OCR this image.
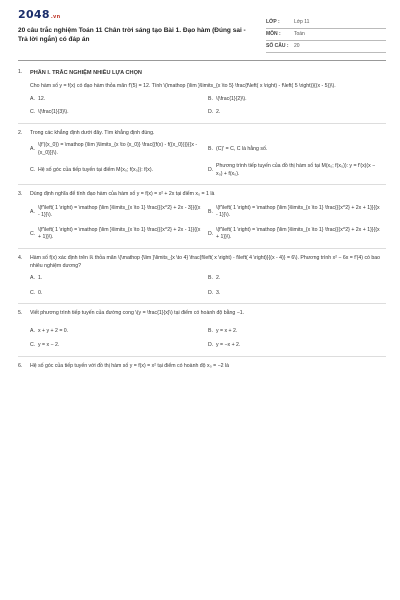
2048.vn
20 câu trắc nghiệm Toán 11 Chân trời sáng tạo Bài 1. Đạo hàm (Đúng sai - Trả lời ngắn) có đáp án
LỚP :	Lớp 11
MÔN :	Toán
SỐ CÂU :	20
1.	PHẦN I. TRẮC NGHIỆM NHIỀU LỰA CHỌN
Cho hàm số y = f(x) có đạo hàm thỏa mãn f'(5) = 12. Tính \(\mathop {\lim }\limits_{x \to 5} \frac{f\left( x \right) - f\left( 5 \right)}{(x - 5)}\).
A. 12.	B. \(\frac{1}{2}\).
C. \(\frac{1}{3}\).	D. 2.
2.	Trong các khẳng định dưới đây. Tìm khẳng định đúng.
A.
\(f'((x_0}) = \mathop {\lim }\limits_{x \to {x_0}} \frac{{f(x) - f({x_0})}}{{x - {x_0}}}\).
B. (C)' = C, C là hằng số.
C. Hệ số góc của tiếp tuyến tại điểm M(x₀; f(x₀)): f(x).	D.
Phương trình tiếp tuyến của đồ thị hàm số tại M(x₀; f(x₀)): y = f'(x)(x − x₀) + f(x₀).
3.	Dùng định nghĩa để tính đạo hàm của hàm số y = f(x) = x² + 2x tại điểm x₀ = 1 là
A.
\(f'\left( 1 \right) = \mathop {\lim }\limits_{x \to 1} \frac{{(x^2} + 2x - 3}}{{x - 1}}\).
B.
\(f'\left( 1 \right) = \mathop {\lim }\limits_{x \to 1} \frac{{(x^2} + 2x + 1}}{{x - 1}}\).
C.
\(f'\left( 1 \right) = \mathop {\lim }\limits_{x \to 1} \frac{{(x^2} + 2x - 1}}{{x + 1}}\).
D.
\(f'\left( 1 \right) = \mathop {\lim }\limits_{x \to 1} \frac{{(x^2} + 2x + 1}}{{x + 1}}\).
4.	Hàm số f(x) xác định trên ℝ thỏa mãn \(\mathop {\lim }\limits_{x \to 4} \frac{f\left( x \right) - f\left( 4 \right)}{(x - 4)} = 6\). Phương trình x² − 6x = f'(4) có bao nhiêu nghiệm dương?
A. 1.	B. 2.
C. 0.	D. 3.
5.	Viết phương trình tiếp tuyến của đường cong \(y = \frac{1}{x}\) tại điểm có hoành độ bằng −1.
A. x + y + 2 = 0.	B. y = x + 2.
C. y = x − 2.	D. y = −x + 2.
6.	Hệ số góc của tiếp tuyến với đồ thị hàm số y = f(x) = x² tại điểm có hoành độ x₀ = −2 là
